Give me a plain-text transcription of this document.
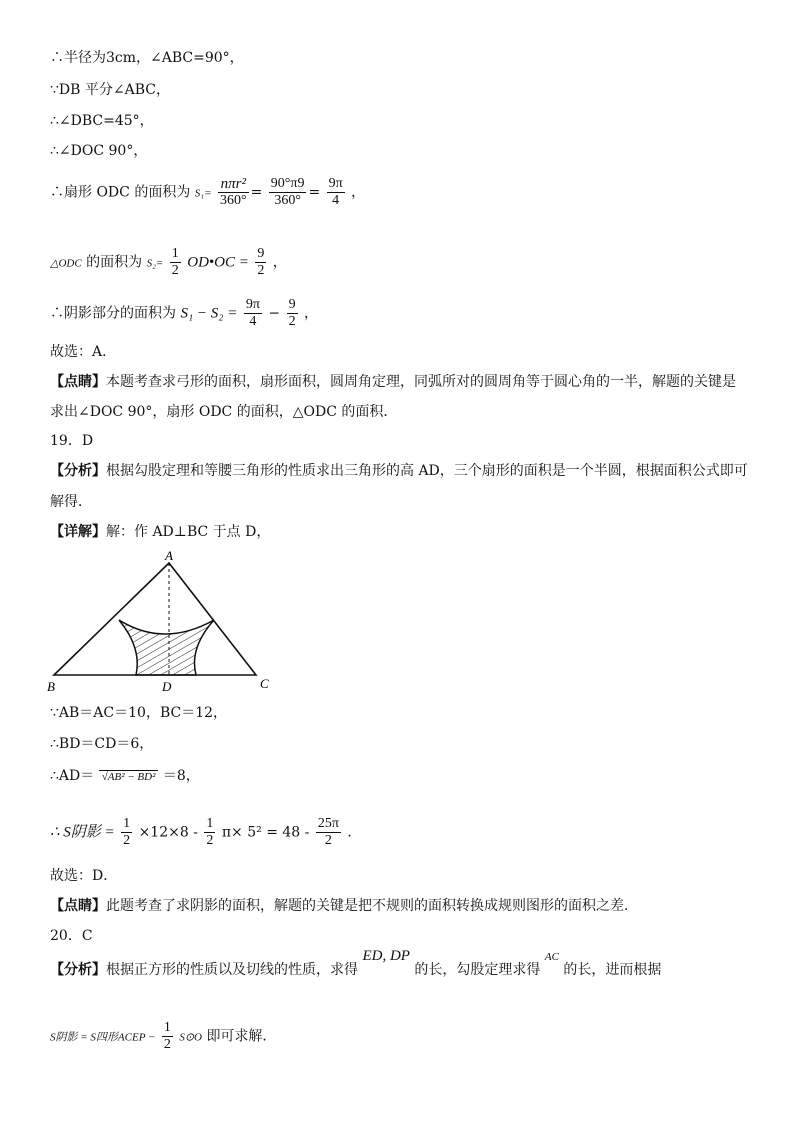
∴半径为3cm，∠ABC=90°，
∵DB 平分∠ABC，
∴∠DBC=45°，
∴∠DOC 90°，
∴扇形 ODC 的面积为 $S_1= \frac{\text{nπr²}}{360^\circ} = \frac{90^\circ\pi 9}{360^\circ} = \frac{9\pi}{4}$ ，
△ODC 的面积为 $S_2= \frac{1}{2}$ OD•OC = $\frac{9}{2}$ ，
∴阴影部分的面积为 $S_1 - S_2 = \frac{9\pi}{4} - \frac{9}{2}$ ，
故选：A．
【点睛】本题考查求弓形的面积，扇形面积，圆周角定理，同弧所对的圆周角等于圆心角的一半，解题的关键是
求出∠DOC 90°，扇形 ODC 的面积，△ODC 的面积．
19．D
【分析】根据勾股定理和等腰三角形的性质求出三角形的高 AD，三个扇形的面积是一个半圆，根据面积公式即可
解得．
【详解】解：作 AD⊥BC 于点 D，
A
B	C
D
∵AB＝AC＝10，BC＝12，
∴BD＝CD＝6，
∴AD＝ √AB² − BD² ＝8，
∴ S阴影 = $\frac{1}{2} \times 12\times 8 - \frac{1}{2} \pi\times 5^2 = 48 - \frac{25\pi}{2}$ ．
故选：D．
【点睛】此题考查了求阴影的面积，解题的关键是把不规则的面积转换成规则图形的面积之差．
20．C
【分析】根据正方形的性质以及切线的性质，求得 ED, DP 的长，勾股定理求得 $^{AC}$ 的长，进而根据
S阴影 = S四形ACEP − $\frac{1}{2}$ S⊙O 即可求解．
